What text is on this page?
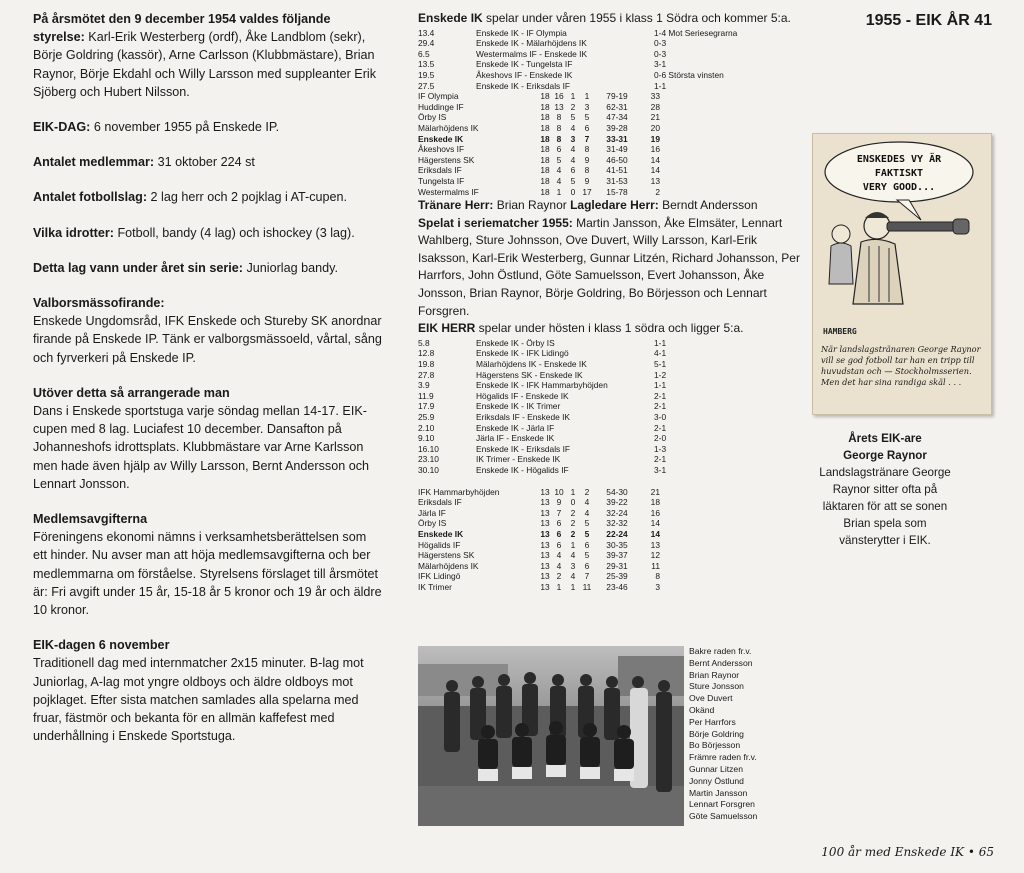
1955 - EIK ÅR 41

På årsmötet den 9 december 1954 valdes följande styrelse: Karl-Erik Westerberg (ordf), Åke Landblom (sekr), Börje Goldring (kassör), Arne Carlsson (Klubbmästare), Brian Raynor, Börje Ekdahl och Willy Larsson med suppleanter Erik Sjöberg och Hubert Nilsson.

EIK-DAG: 6 november 1955 på Enskede IP.

Antalet medlemmar: 31 oktober 224 st

Antalet fotbollslag: 2 lag herr och 2 pojklag i AT-cupen.

Vilka idrotter: Fotboll, bandy (4 lag) och ishockey (3 lag).

Detta lag vann under året sin serie: Juniorlag bandy.

Valborsmässofirande:
Enskede Ungdomsråd, IFK Enskede och Stureby SK anordnar firande på Enskede IP. Tänk er valborgsmässoeld, vårtal, sång och fyrverkeri på Enskede IP.

Utöver detta så arrangerade man
Dans i Enskede sportstuga varje söndag mellan 14-17. EIK-cupen med 8 lag. Luciafest 10 december. Dansafton på Johanneshofs idrottsplats. Klubbmästare var Arne Karlsson men hade även hjälp av Willy Larsson, Bernt Andersson och Lennart Jonsson.

Medlemsavgifterna
Föreningens ekonomi nämns i verksamhetsberättelsen som ett hinder. Nu avser man att höja medlemsavgifterna och ber medlemmarna om förståelse. Styrelsens förslaget till årsmötet är: Fri avgift under 15 år, 15-18 år 5 kronor och 19 år och äldre 10 kronor.

EIK-dagen 6 november
Traditionell dag med internmatcher 2x15 minuter. B-lag mot Juniorlag, A-lag mot yngre oldboys och äldre oldboys mot pojklaget. Efter sista matchen samlades alla spelarna med fruar, fästmör och bekanta för en allmän kaffefest med underhållning i Enskede Sportstuga.

Enskede IK spelar under våren 1955 i klass 1 Södra och kommer 5:a.
13.4	Enskede IK - IF Olympia	1-4 Mot Seriesegrarna
29.4	Enskede IK - Mälarhöjdens IK	0-3
6.5	Westermalms IF - Enskede IK	0-3
13.5	Enskede IK - Tungelsta IF	3-1
19.5	Åkeshovs IF - Enskede IK	0-6 Största vinsten
27.5	Enskede IK - Eriksdals IF	1-1
IF Olympia	18	16	1	1	79-19	33
Huddinge IF	18	13	2	3	62-31	28
Örby IS	18	8	5	5	47-34	21
Mälarhöjdens IK	18	8	4	6	39-28	20
Enskede IK	18	8	3	7	33-31	19
Åkeshovs IF	18	6	4	8	31-49	16
Hägerstens SK	18	5	4	9	46-50	14
Eriksdals IF	18	4	6	8	41-51	14
Tungelsta IF	18	4	5	9	31-53	13
Westermalms IF	18	1	0	17	15-78	2
Tränare Herr: Brian Raynor Lagledare Herr: Berndt Andersson
Spelat i seriematcher 1955: Martin Jansson, Åke Elmsäter, Lennart Wahlberg, Sture Johnsson, Ove Duvert, Willy Larsson, Karl-Erik Isaksson, Karl-Erik Westerberg, Gunnar Litzén, Richard Johansson, Per Harrfors, John Östlund, Göte Samuelsson, Evert Johansson, Åke Jonsson, Brian Raynor, Börje Goldring, Bo Börjesson och Lennart Forsgren.
EIK HERR spelar under hösten i klass 1 södra och ligger 5:a.
5.8	Enskede IK - Örby IS	1-1
12.8	Enskede IK - IFK Lidingö	4-1
19.8	Mälarhöjdens IK - Enskede IK	5-1
27.8	Hägerstens SK - Enskede IK	1-2
3.9	Enskede IK - IFK Hammarbyhöjden	1-1
11.9	Högalids IF - Enskede IK	2-1
17.9	Enskede IK - IK Trimer	2-1
25.9	Eriksdals IF - Enskede IK	3-0
2.10	Enskede IK - Järla IF	2-1
9.10	Järla IF - Enskede IK	2-0
16.10	Enskede IK - Eriksdals IF	1-3
23.10	IK Trimer - Enskede IK	2-1
30.10	Enskede IK - Högalids IF	3-1
IFK Hammarbyhöjden	13	10	1	2	54-30	21
Eriksdals IF	13	9	0	4	39-22	18
Järla IF	13	7	2	4	32-24	16
Örby IS	13	6	2	5	32-32	14
Enskede IK	13	6	2	5	22-24	14
Högalids IF	13	6	1	6	30-35	13
Hägerstens SK	13	4	4	5	39-37	12
Mälarhöjdens IK	13	4	3	6	29-31	11
IFK Lidingö	13	2	4	7	25-39	8
IK Trimer	13	1	1	11	23-46	3
Bakre raden fr.v.
Bernt Andersson
Brian Raynor
Sture Jonsson
Ove Duvert
Okänd
Per Harrfors
Börje Goldring
Bo Börjesson
Främre raden fr.v.
Gunnar Litzen
Jonny Östlund
Martin Jansson
Lennart Forsgren
Göte Samuelsson
ENSKEDES VY ÄR
FAKTISKT
VERY GOOD...
HAMBERG
När landslagstränaren George Raynor vill se god fotboll tar han en tripp till huvudstan och — Stockholmsserien. Men det har sina randiga skäl . . .
Årets EIK-are
George Raynor
Landslagstränare George Raynor sitter ofta på läktaren för att se sonen Brian spela som vänsterytter i EIK.
100 år med Enskede IK • 65
